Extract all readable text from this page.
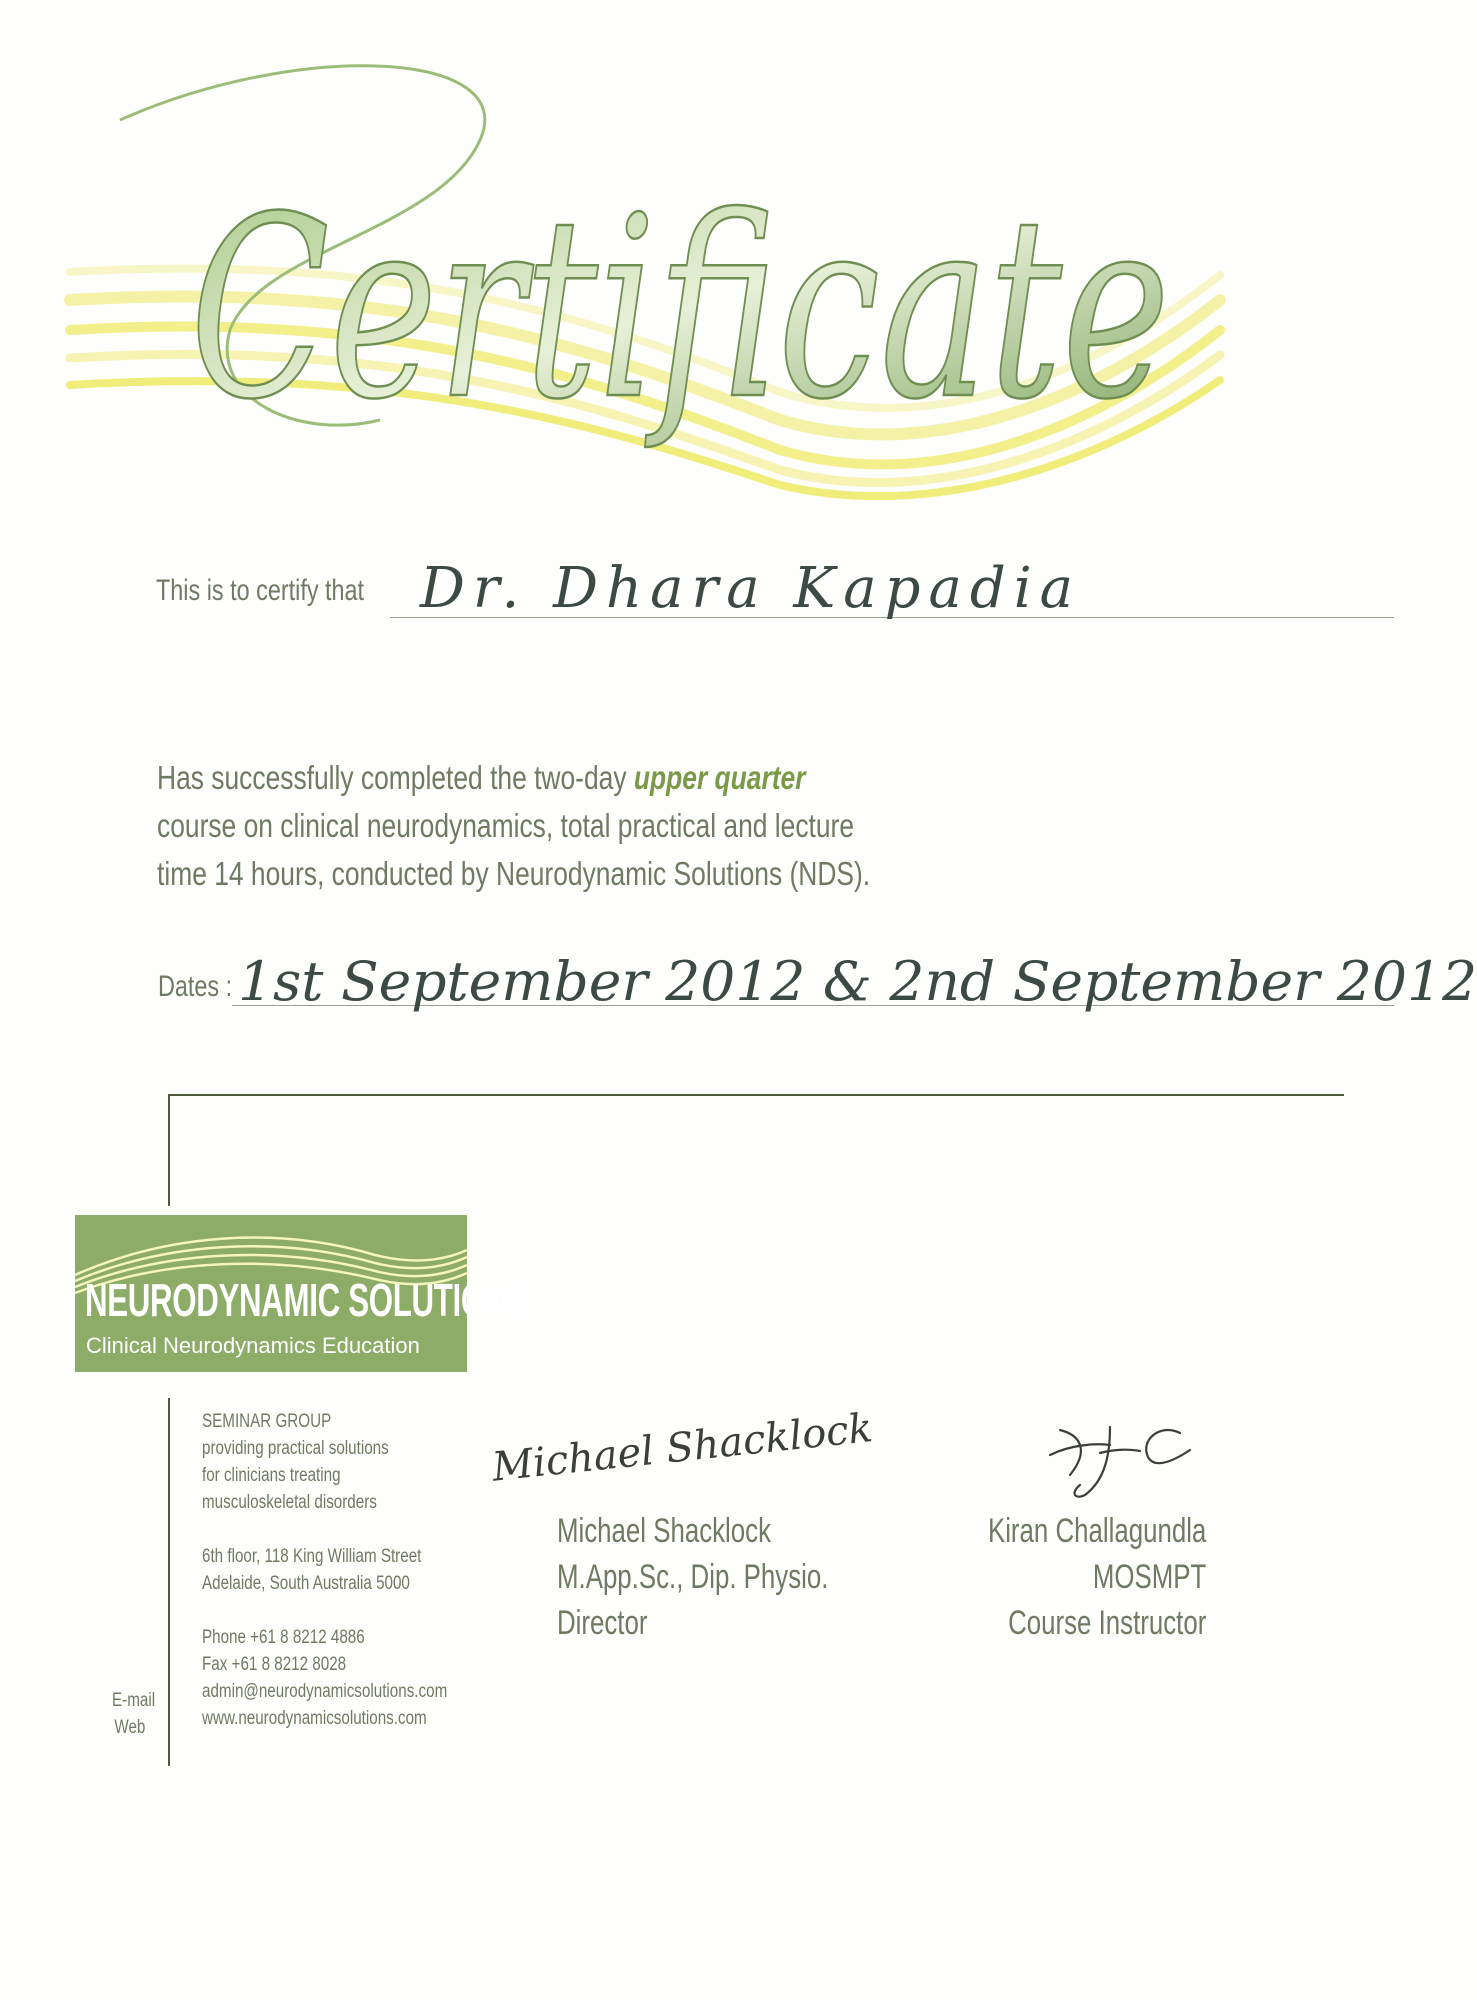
Certificate
This is to certify that Dr. Dhara Kapadia
Has successfully completed the two-day upper quarter course on clinical neurodynamics, total practical and lecture time 14 hours, conducted by Neurodynamic Solutions (NDS).
Dates : 1st September 2012 & 2nd September 2012
NEURODYNAMIC SOLUTIONS
Clinical Neurodynamics Education
SEMINAR GROUP
providing practical solutions
for clinicians treating
musculoskeletal disorders
6th floor, 118 King William Street
Adelaide, South Australia 5000
Phone +61 8 8212 4886
Fax +61 8 8212 8028
admin@neurodynamicsolutions.com
www.neurodynamicsolutions.com
E-mail
Web
Michael Shacklock
Michael Shacklock
M.App.Sc., Dip. Physio.
Director
Kiran Challagundla
MOSMPT
Course Instructor
